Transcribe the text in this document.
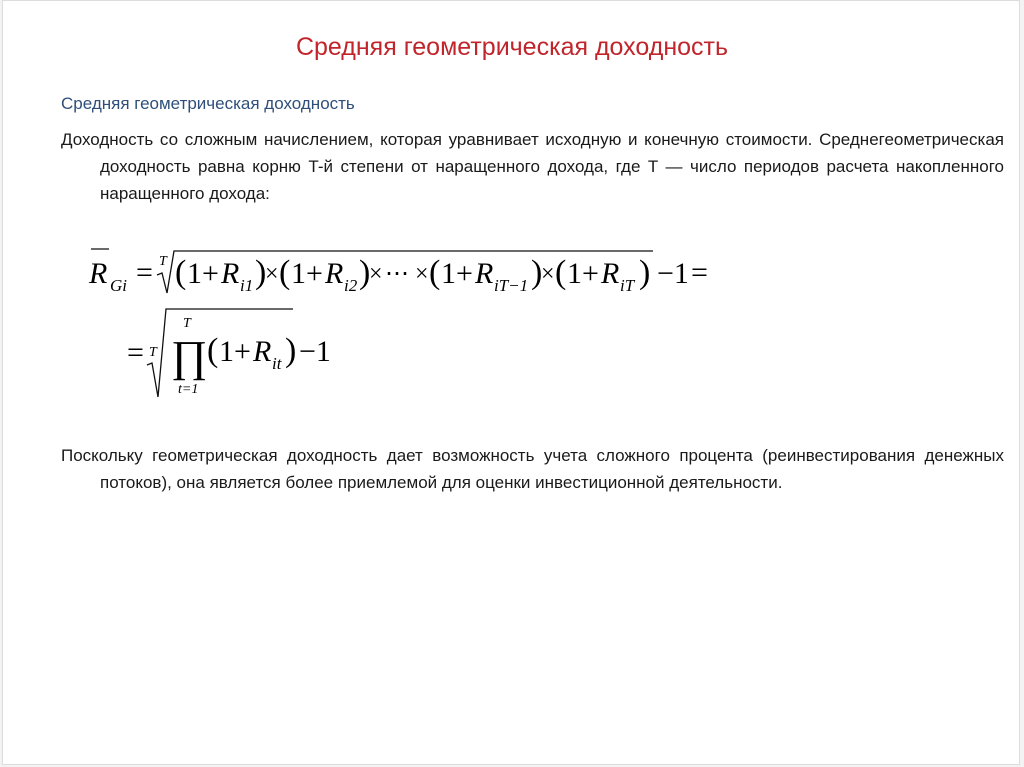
Средняя геометрическая доходность
Средняя геометрическая доходность
Доходность со сложным начислением, которая уравнивает исходную и конечную стоимости. Среднегеометрическая доходность равна корню T-й степени от наращенного дохода, где T — число периодов расчета накопленного наращенного дохода:
R Gi = T ( 1 + R i1 )
× ( 1 + R i2 )
× ⋯ × ( 1 + R iT−1 )
× ( 1 + R iT ) −1 =
= T
T
∏
t=1
( 1 + R it ) −1
Поскольку геометрическая доходность дает возможность учета сложного процента (реинвестирования денежных потоков), она является более приемлемой для оценки инвестиционной деятельности.
